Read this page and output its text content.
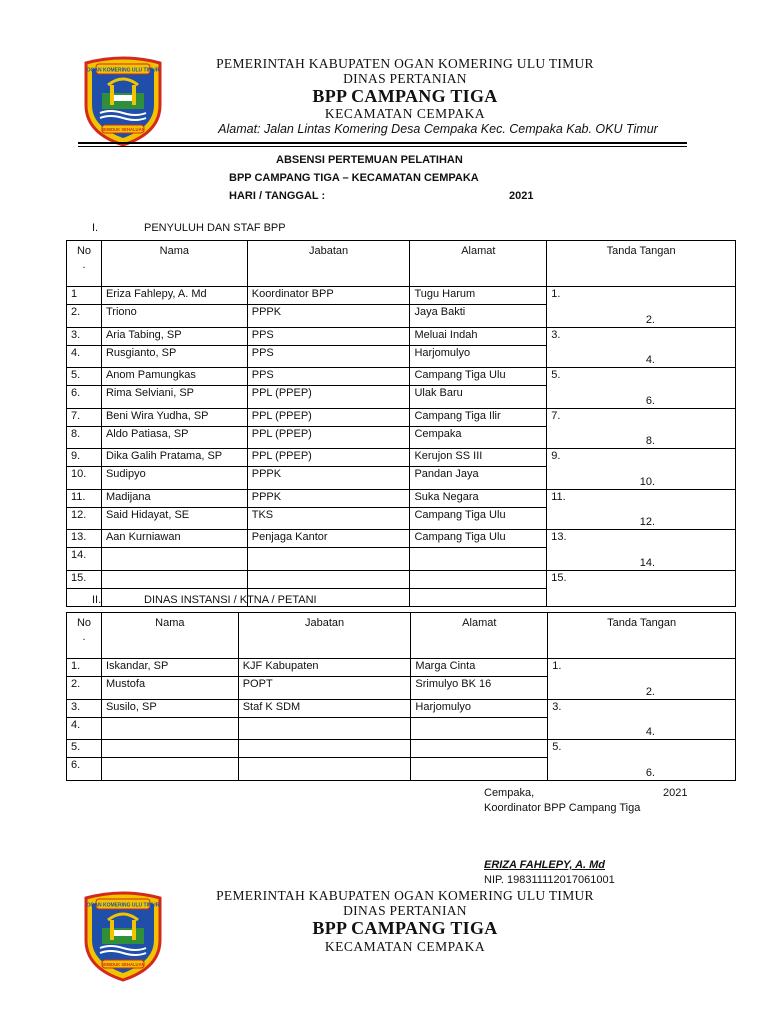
OGAN KOMERING ULU TIMUR
SEBIDUK SEHALUAN
PEMERINTAH KABUPATEN OGAN KOMERING ULU TIMUR
DINAS PERTANIAN
BPP CAMPANG TIGA
KECAMATAN CEMPAKA
Alamat: Jalan Lintas Komering Desa Cempaka Kec. Cempaka Kab. OKU Timur
ABSENSI PERTEMUAN PELATIHAN
BPP CAMPANG TIGA – KECAMATAN CEMPAKA
HARI / TANGGAL :	2021
I.	PENYULUH DAN STAF BPP
No
.	Nama	Jabatan	Alamat	Tanda Tangan
1	Eriza Fahlepy, A. Md	Koordinator BPP	Tugu Harum	1.

2.	Triono	PPPK	Jaya Bakti	2.

3.	Aria Tabing, SP	PPS	Meluai Indah	3.

4.	Rusgianto, SP	PPS	Harjomulyo	4.

5.	Anom Pamungkas	PPS	Campang Tiga Ulu	5.

6.	Rima Selviani, SP	PPL (PPEP)	Ulak Baru	6.

7.	Beni Wira Yudha, SP	PPL (PPEP)	Campang Tiga Ilir	7.

8.	Aldo Patiasa, SP	PPL (PPEP)	Cempaka	8.

9.	Dika Galih Pratama, SP	PPL (PPEP)	Kerujon SS III	9.

10.	Sudipyo	PPPK	Pandan Jaya	10.

11.	Madijana	PPPK	Suka Negara	11.

12.	Said Hidayat, SE	TKS	Campang Tiga Ulu	12.

13.	Aan Kurniawan	Penjaga Kantor	Campang Tiga Ulu	13.

14.				14.

15.				15.

II.	DINAS INSTANSI / KTNA / PETANI
No
.	Nama	Jabatan	Alamat	Tanda Tangan
1.	Iskandar, SP	KJF Kabupaten	Marga Cinta	1.

2.	Mustofa	POPT	Srimulyo BK 16	2.

3.	Susilo, SP	Staf K SDM	Harjomulyo	3.

4.				4.

5.				5.

6.				6.
Cempaka,	2021
Koordinator BPP Campang Tiga
ERIZA FAHLEPY, A. Md
NIP. 198311112017061001
OGAN KOMERING ULU TIMUR
SEBIDUK SEHALUAN
PEMERINTAH KABUPATEN OGAN KOMERING ULU TIMUR
DINAS PERTANIAN
BPP CAMPANG TIGA
KECAMATAN CEMPAKA
